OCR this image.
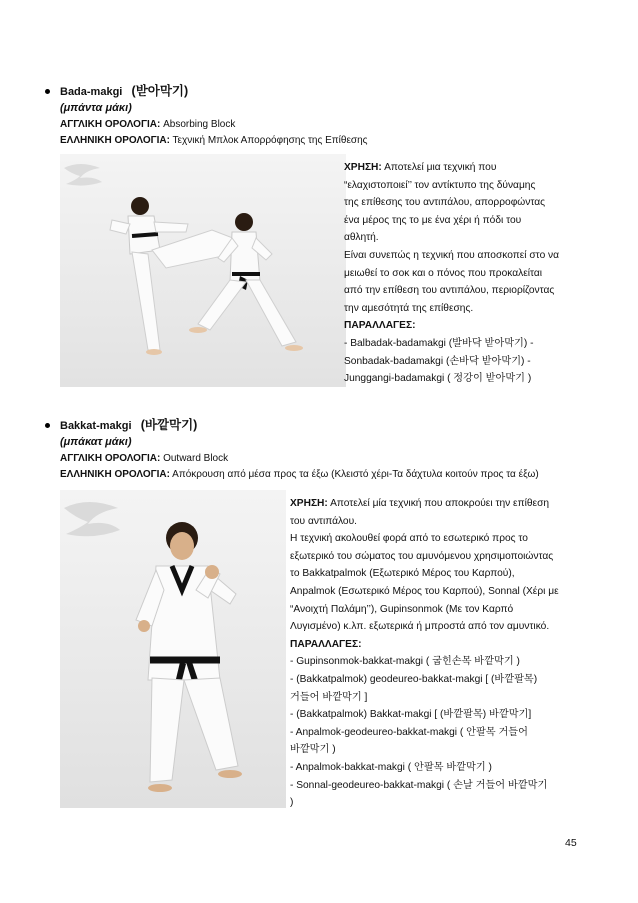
Bada-makgi (받아막기)
(μπάντα μάκι)
ΑΓΓΛΙΚΗ ΟΡΟΛΟΓΙΑ: Absorbing Block
ΕΛΛΗΝΙΚΗ ΟΡΟΛΟΓΙΑ: Τεχνική Μπλοκ Απορρόφησης της Επίθεσης
ΧΡΗΣΗ: Αποτελεί μια τεχνική που
“ελαχιστοποιεί’’ τον αντίκτυπο της δύναμης
της επίθεσης του αντιπάλου, απορροφώντας
ένα μέρος της το με ένα χέρι ή πόδι του
αθλητή.
Είναι συνεπώς η τεχνική που αποσκοπεί στο να
μειωθεί το σοκ και ο πόνος που προκαλείται
από την επίθεση του αντιπάλου, περιορίζοντας
την αμεσότητά της επίθεσης.
ΠΑΡΑΛΛΑΓΕΣ:
- Balbadak-badamakgi (발바닥 받아막기) -
Sonbadak-badamakgi (손바닥 받아막기) -
Junggangi-badamakgi ( 정강이 받아막기 )
Bakkat-makgi (바깥막기)
(μπάκατ μάκι)
ΑΓΓΛΙΚΗ ΟΡΟΛΟΓΙΑ: Outward Block
ΕΛΛΗΝΙΚΗ ΟΡΟΛΟΓΙΑ: Απόκρουση από μέσα προς τα έξω (Κλειστό χέρι-Τα δάχτυλα κοιτούν προς τα έξω)
ΧΡΗΣΗ: Αποτελεί μία τεχνική που αποκρούει την επίθεση
του αντιπάλου.
Η τεχνική ακολουθεί φορά από το εσωτερικό προς το
εξωτερικό του σώματος του αμυνόμενου χρησιμοποιώντας
το Bakkatpalmok (Εξωτερικό Μέρος του Καρπού),
Anpalmok (Εσωτερικό Μέρος του Καρπού), Sonnal (Χέρι με
“Ανοιχτή Παλάμη’’), Gupinsonmok (Με τον Καρπό
Λυγισμένο) κ.λπ. εξωτερικά ή μπροστά από τον αμυντικό.
ΠΑΡΑΛΛΑΓΕΣ:
- Gupinsonmok-bakkat-makgi ( 굽힌손목 바깥막기 )
- (Bakkatpalmok) geodeureo-bakkat-makgi [ (바깥팔목)
거들어 바깥막기 ]
- (Bakkatpalmok) Bakkat-makgi [ (바깥팔목) 바깥막기]
- Anpalmok-geodeureo-bakkat-makgi ( 안팔목 거들어
바깥막기 )
- Anpalmok-bakkat-makgi ( 안팔목 바깥막기 )
- Sonnal-geodeureo-bakkat-makgi ( 손날 거들어 바깥막기
)
45
